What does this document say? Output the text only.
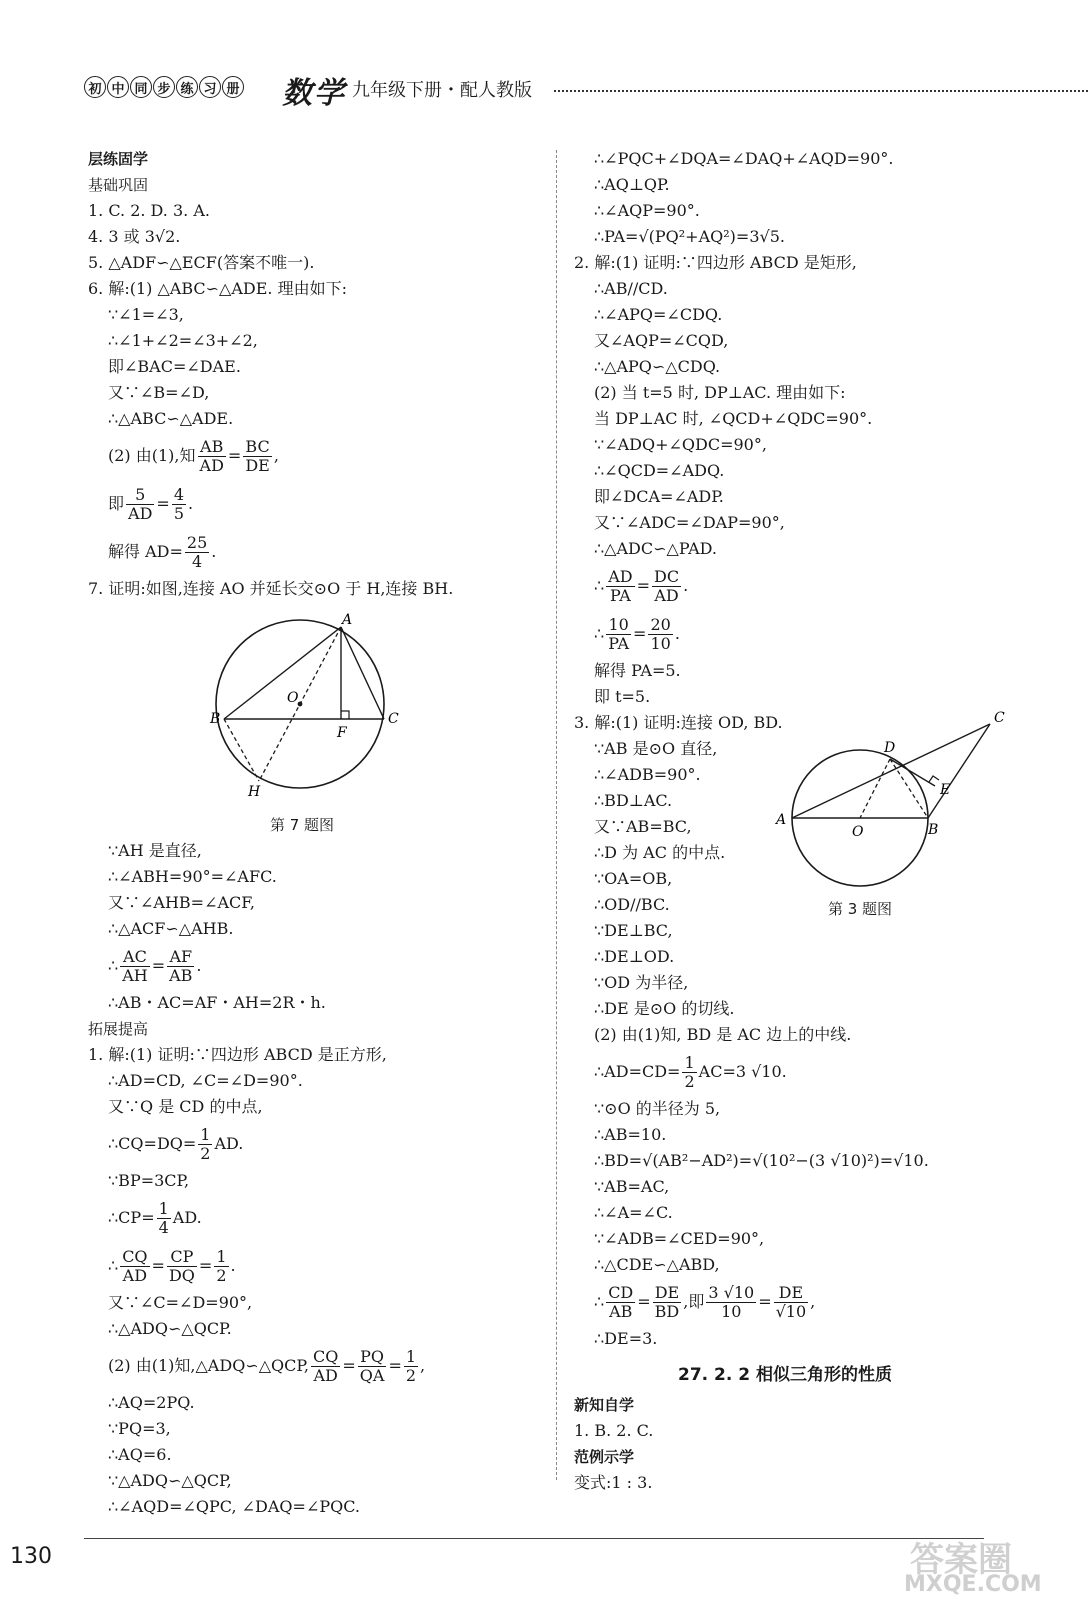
初 中 同 步 练 习 册 数学 九年级下册・配人教版
层练固学
基础巩固
1. C. 2. D. 3. A.
4. 3 或 3√2.
5. △ADF∽△ECF(答案不唯一).
6. 解:(1) △ABC∽△ADE. 理由如下:
∵∠1=∠3,
∴∠1+∠2=∠3+∠2,
即∠BAC=∠DAE.
又∵∠B=∠D,
∴△ABC∽△ADE.
(2) 由(1),知 $\frac{AB}{AD} = \frac{BC}{DE}$ ,
即 $\frac{5}{AD} = \frac{4}{5}$ .
解得 $AD= \frac{25}{4}$ .
7. 证明:如图,连接 AO 并延长交⊙O 于 H,连接 BH.
A
B	C
O
F
H
第 7 题图
∵AH 是直径,
∴∠ABH=90°=∠AFC.
又∵∠AHB=∠ACF,
∴△ACF∽△AHB.
∴ $\frac{AC}{AH} = \frac{AF}{AB}$ .
∴AB・AC=AF・AH=2R・h.
拓展提高
1. 解:(1) 证明:∵四边形 ABCD 是正方形,
∴AD=CD, ∠C=∠D=90°.
又∵Q 是 CD 的中点,
∴CQ=DQ= $\frac{1}{2}$ AD.
∵BP=3CP,
∴CP= $\frac{1}{4}$ AD.
∴ $\frac{CQ}{AD} = \frac{CP}{DQ} = \frac{1}{2}$ .
又∵∠C=∠D=90°,
∴△ADQ∽△QCP.
(2) 由(1)知,△ADQ∽△QCP, $\frac{CQ}{AD} = \frac{PQ}{QA} = \frac{1}{2}$ ,
∴AQ=2PQ.
∵PQ=3,
∴AQ=6.
∵△ADQ∽△QCP,
∴∠AQD=∠QPC, ∠DAQ=∠PQC.
∴∠PQC+∠DQA=∠DAQ+∠AQD=90°.
∴AQ⊥QP.
∴∠AQP=90°.
∴PA=√(PQ²+AQ²)=3√5.
2. 解:(1) 证明:∵四边形 ABCD 是矩形,
∴AB//CD.
∴∠APQ=∠CDQ.
又∠AQP=∠CQD,
∴△APQ∽△CDQ.
(2) 当 t=5 时, DP⊥AC. 理由如下:
当 DP⊥AC 时, ∠QCD+∠QDC=90°.
∵∠ADQ+∠QDC=90°,
∴∠QCD=∠ADQ.
即∠DCA=∠ADP.
又∵∠ADC=∠DAP=90°,
∴△ADC∽△PAD.
∴ $\frac{AD}{PA} = \frac{DC}{AD}$ .
∴ $\frac{10}{PA} = \frac{20}{10}$ .
解得 PA=5.
即 t=5.
3. 解:(1) 证明:连接 OD, BD.
∵AB 是⊙O 直径,
∴∠ADB=90°.
∴BD⊥AC.
又∵AB=BC,
∴D 为 AC 的中点.
∵OA=OB,
∴OD//BC.
∵DE⊥BC,
∴DE⊥OD.
∵OD 为半径,
A
B
C
D
E
O
第 3 题图
∴DE 是⊙O 的切线.
(2) 由(1)知, BD 是 AC 边上的中线.
∴AD=CD= $\frac{1}{2} AC=3$ √10.
∵⊙O 的半径为 5,
∴AB=10.
∴BD=√(AB²−AD²)=√(10²−(3 √10)²)=√10.
∵AB=AC,
∴∠A=∠C.
∵∠ADB=∠CED=90°,
∴△CDE∽△ABD,
∴ $\frac{CD}{AB} = \frac{DE}{BD}$ ,即 $\frac{3 √10}{10} = \frac{DE}{√10}$ ,
∴DE=3.
27. 2. 2 相似三角形的性质
新知自学
1. B. 2. C.
范例示学
变式:1 : 3.
130	答案圈
MXQE.COM
